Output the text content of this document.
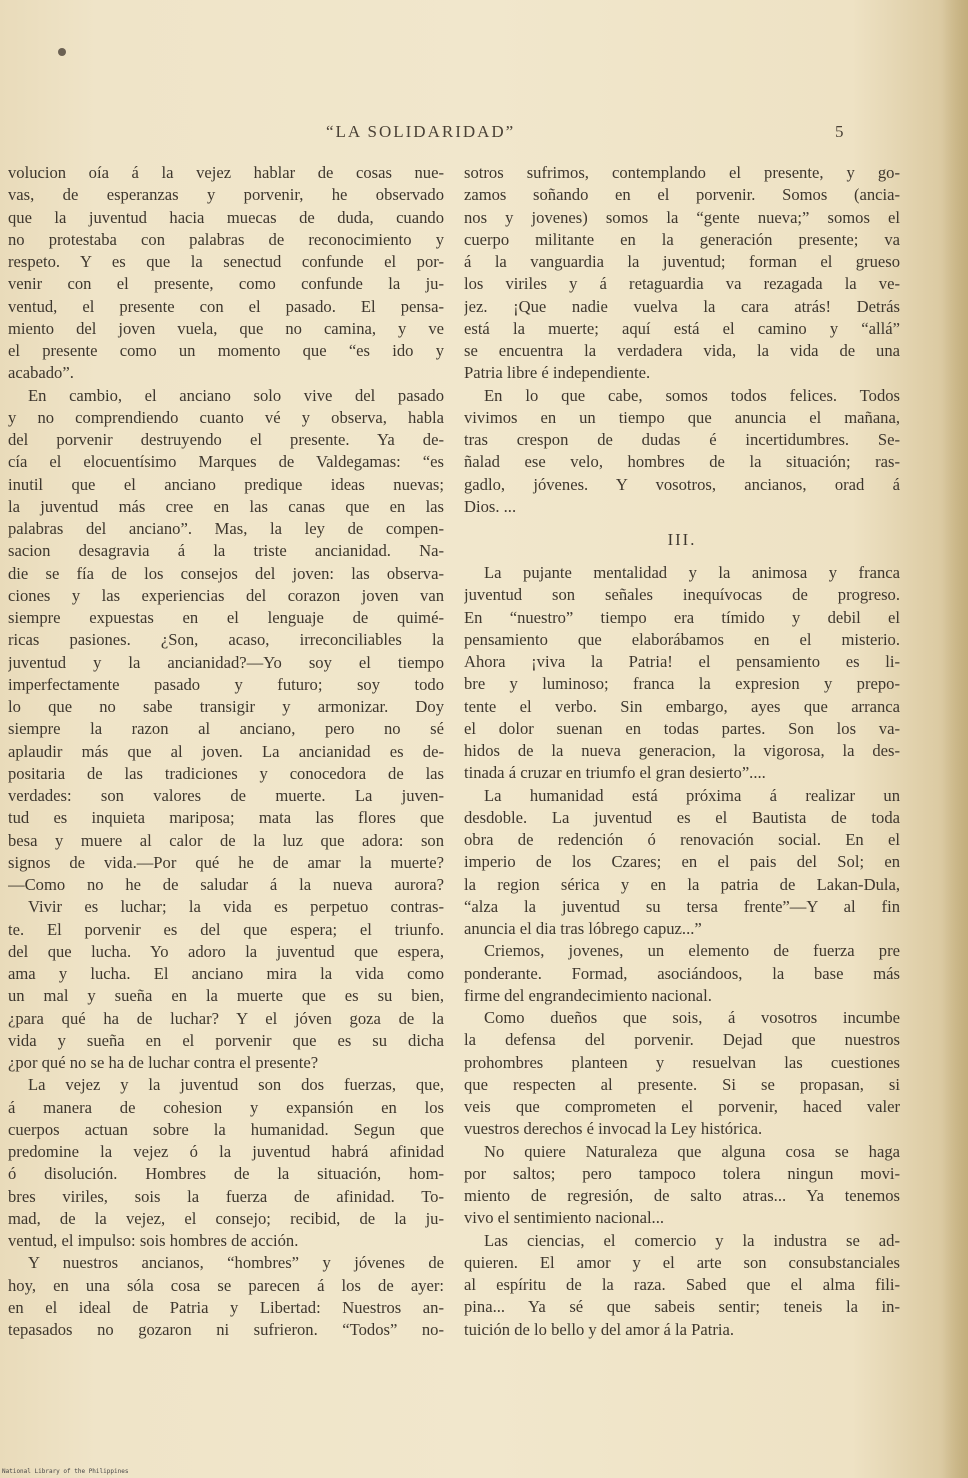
“LA SOLIDARIDAD”	5
volucion oía á la vejez hablar de cosas nue-
vas, de esperanzas y porvenir, he observado
que la juventud hacia muecas de duda, cuando
no protestaba con palabras de reconocimiento y
respeto. Y es que la senectud confunde el por-
venir con el presente, como confunde la ju-
ventud, el presente con el pasado. El pensa-
miento del joven vuela, que no camina, y ve
el presente como un momento que “es ido y
acabado”.
En cambio, el anciano solo vive del pasado
y no comprendiendo cuanto vé y observa, habla
del porvenir destruyendo el presente. Ya de-
cía el elocuentísimo Marques de Valdegamas: “es
inutil que el anciano predique ideas nuevas;
la juventud más cree en las canas que en las
palabras del anciano”. Mas, la ley de compen-
sacion desagravia á la triste ancianidad. Na-
die se fía de los consejos del joven: las observa-
ciones y las experiencias del corazon joven van
siempre expuestas en el lenguaje de quimé-
ricas pasiones. ¿Son, acaso, irreconciliables la
juventud y la ancianidad?—Yo soy el tiempo
imperfectamente pasado y futuro; soy todo
lo que no sabe transigir y armonizar. Doy
siempre la razon al anciano, pero no sé
aplaudir más que al joven. La ancianidad es de-
positaria de las tradiciones y conocedora de las
verdades: son valores de muerte. La juven-
tud es inquieta mariposa; mata las flores que
besa y muere al calor de la luz que adora: son
signos de vida.—Por qué he de amar la muerte?
—Como no he de saludar á la nueva aurora?
Vivir es luchar; la vida es perpetuo contras-
te. El porvenir es del que espera; el triunfo.
del que lucha. Yo adoro la juventud que espera,
ama y lucha. El anciano mira la vida como
un mal y sueña en la muerte que es su bien,
¿para qué ha de luchar? Y el jóven goza de la
vida y sueña en el porvenir que es su dicha
¿por qué no se ha de luchar contra el presente?
La vejez y la juventud son dos fuerzas, que,
á manera de cohesion y expansión en los
cuerpos actuan sobre la humanidad. Segun que
predomine la vejez ó la juventud habrá afinidad
ó disolución. Hombres de la situación, hom-
bres viriles, sois la fuerza de afinidad. To-
mad, de la vejez, el consejo; recibid, de la ju-
ventud, el impulso: sois hombres de acción.
Y nuestros ancianos, “hombres” y jóvenes de
hoy, en una sóla cosa se parecen á los de ayer:
en el ideal de Patria y Libertad: Nuestros an-
tepasados no gozaron ni sufrieron. “Todos” no-
sotros sufrimos, contemplando el presente, y go-
zamos soñando en el porvenir. Somos (ancia-
nos y jovenes) somos la “gente nueva;” somos el
cuerpo militante en la generación presente; va
á la vanguardia la juventud; forman el grueso
los viriles y á retaguardia va rezagada la ve-
jez. ¡Que nadie vuelva la cara atrás! Detrás
está la muerte; aquí está el camino y “allá”
se encuentra la verdadera vida, la vida de una
Patria libre é independiente.
En lo que cabe, somos todos felices. Todos
vivimos en un tiempo que anuncia el mañana,
tras crespon de dudas é incertidumbres. Se-
ñalad ese velo, hombres de la situación; ras-
gadlo, jóvenes. Y vosotros, ancianos, orad á
Dios. ...
III.
La pujante mentalidad y la animosa y franca
juventud son señales inequívocas de progreso.
En “nuestro” tiempo era tímido y debil el
pensamiento que elaborábamos en el misterio.
Ahora ¡viva la Patria! el pensamiento es li-
bre y luminoso; franca la expresion y prepo-
tente el verbo. Sin embargo, ayes que arranca
el dolor suenan en todas partes. Son los va-
hidos de la nueva generacion, la vigorosa, la des-
tinada á cruzar en triumfo el gran desierto”....
La humanidad está próxima á realizar un
desdoble. La juventud es el Bautista de toda
obra de redención ó renovación social. En el
imperio de los Czares; en el pais del Sol; en
la region sérica y en la patria de Lakan-Dula,
“alza la juventud su tersa frente”—Y al fin
anuncia el dia tras lóbrego capuz...”
Criemos, jovenes, un elemento de fuerza pre
ponderante. Formad, asociándoos, la base más
firme del engrandecimiento nacional.
Como dueños que sois, á vosotros incumbe
la defensa del porvenir. Dejad que nuestros
prohombres planteen y resuelvan las cuestiones
que respecten al presente. Si se propasan, si
veis que comprometen el porvenir, haced valer
vuestros derechos é invocad la Ley histórica.
No quiere Naturaleza que alguna cosa se haga
por saltos; pero tampoco tolera ningun movi-
miento de regresión, de salto atras... Ya tenemos
vivo el sentimiento nacional...
Las ciencias, el comercio y la industra se ad-
quieren. El amor y el arte son consubstanciales
al espíritu de la raza. Sabed que el alma fili-
pina... Ya sé que sabeis sentir; teneis la in-
tuición de lo bello y del amor á la Patria.
National Library of the Philippines
